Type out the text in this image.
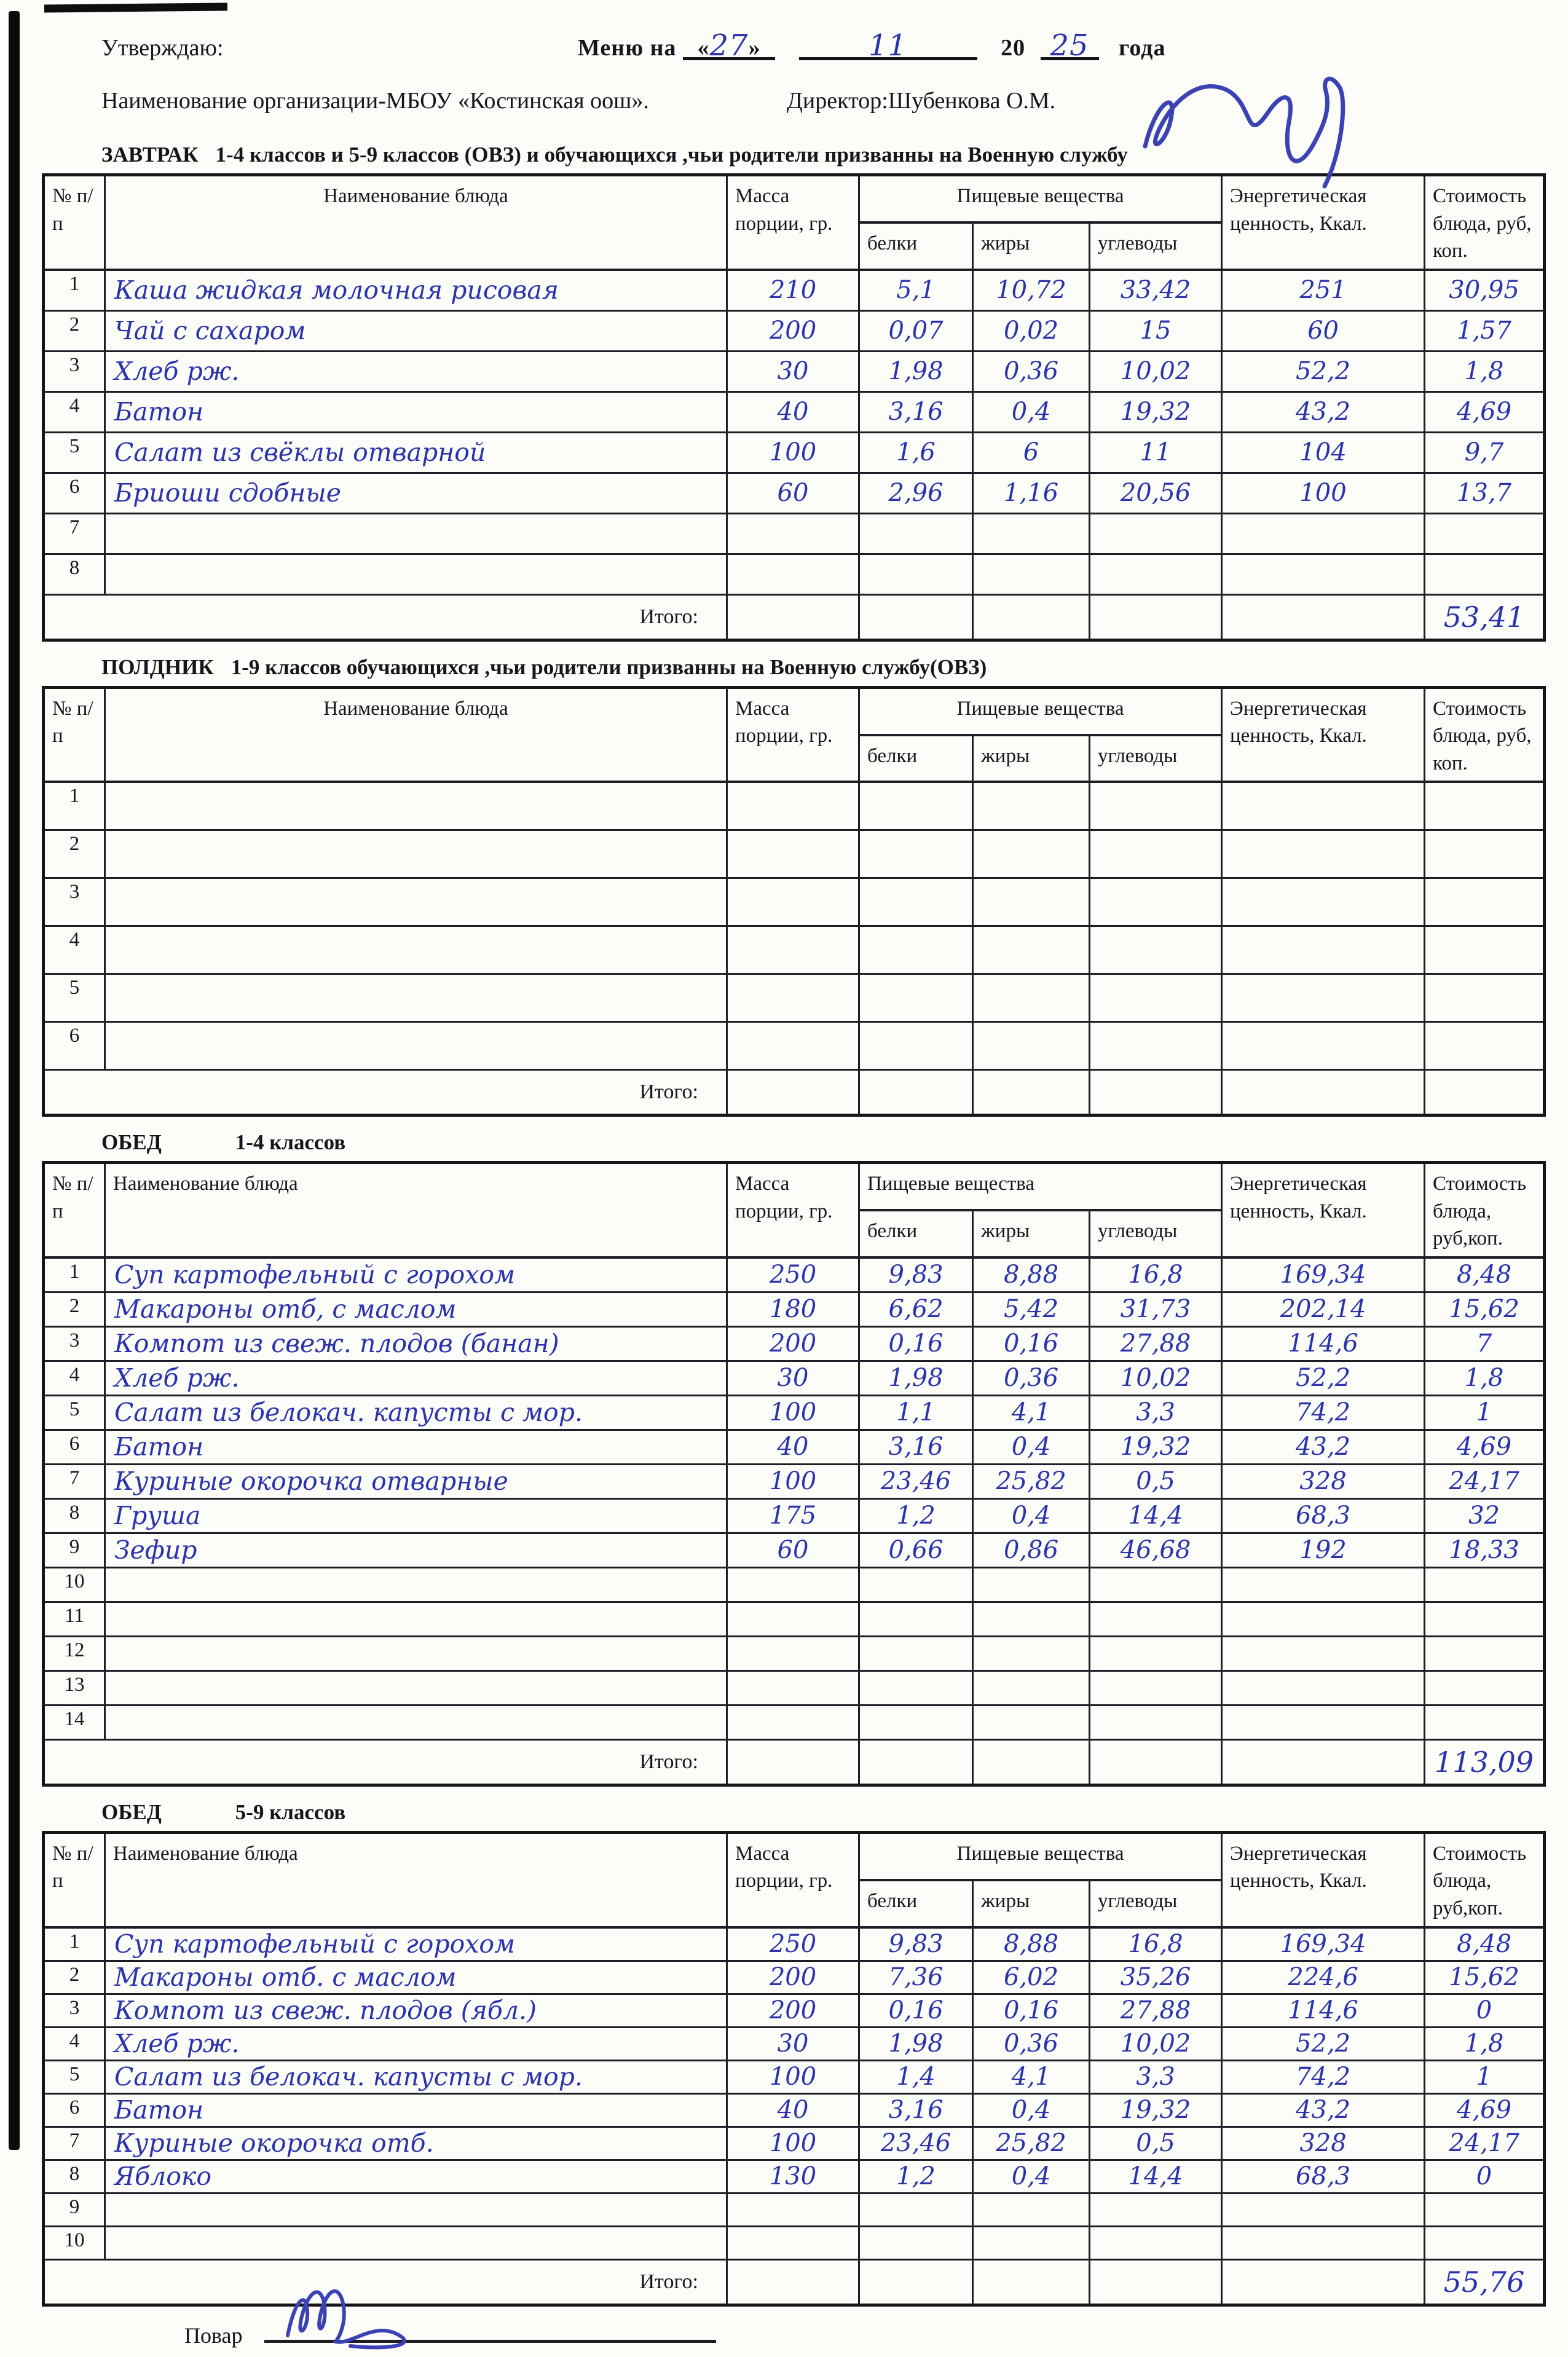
Утверждаю:	Меню на «27»	11	20 25 года
Наименование организации-МБОУ «Костинская оош».	Директор:Шубенкова О.М.
ЗАВТРАК 1-4 классов и 5-9 классов (ОВЗ) и обучающихся ,чьи родители призванны на Военную службу
№ п/п	Наименование блюда	Масса порции, гр.	Пищевые вещества			Энергетическая ценность, Ккал.	Стоимость блюда, руб, коп.
			белки	жиры	углеводы		
1	Каша жидкая молочная рисовая	210	5,1	10,72	33,42	251	30,95
2	Чай с сахаром	200	0,07	0,02	15	60	1,57
3	Хлеб рж.	30	1,98	0,36	10,02	52,2	1,8
4	Батон	40	3,16	0,4	19,32	43,2	4,69
5	Салат из свёклы отварной	100	1,6	6	11	104	9,7
6	Бриоши сдобные	60	2,96	1,16	20,56	100	13,7
7							
8							
Итого:							53,41
ПОЛДНИК 1-9 классов обучающихся ,чьи родители призванны на Военную службу(ОВЗ)
№ п/п	Наименование блюда	Масса порции, гр.	Пищевые вещества			Энергетическая ценность, Ккал.	Стоимость блюда, руб, коп.
			белки	жиры	углеводы		
1							
2							
3							
4							
5							
6							
Итого:							
ОБЕД	1-4 классов
№ п/п	Наименование блюда	Масса порции, гр.	Пищевые вещества			Энергетическая ценность, Ккал.	Стоимость блюда, руб,коп.
			белки	жиры	углеводы		
1	Суп картофельный с горохом	250	9,83	8,88	16,8	169,34	8,48
2	Макароны отб, с маслом	180	6,62	5,42	31,73	202,14	15,62
3	Компот из свеж. плодов (банан)	200	0,16	0,16	27,88	114,6	7
4	Хлеб рж.	30	1,98	0,36	10,02	52,2	1,8
5	Салат из белокач. капусты с мор.	100	1,1	4,1	3,3	74,2	1
6	Батон	40	3,16	0,4	19,32	43,2	4,69
7	Куриные окорочка отварные	100	23,46	25,82	0,5	328	24,17
8	Груша	175	1,2	0,4	14,4	68,3	32
9	Зефир	60	0,66	0,86	46,68	192	18,33
10							
11							
12							
13							
14							
Итого:							113,09
ОБЕД	5-9 классов
№ п/п	Наименование блюда	Масса порции, гр.	Пищевые вещества			Энергетическая ценность, Ккал.	Стоимость блюда, руб,коп.
			белки	жиры	углеводы		
1	Суп картофельный с горохом	250	9,83	8,88	16,8	169,34	8,48
2	Макароны отб. с маслом	200	7,36	6,02	35,26	224,6	15,62
3	Компот из свеж. плодов (ябл.)	200	0,16	0,16	27,88	114,6	0
4	Хлеб рж.	30	1,98	0,36	10,02	52,2	1,8
5	Салат из белокач. капусты с мор.	100	1,4	4,1	3,3	74,2	1
6	Батон	40	3,16	0,4	19,32	43,2	4,69
7	Куриные окорочка отб.	100	23,46	25,82	0,5	328	24,17
8	Яблоко	130	1,2	0,4	14,4	68,3	0
9							
10							
Итого:							55,76
Повар
